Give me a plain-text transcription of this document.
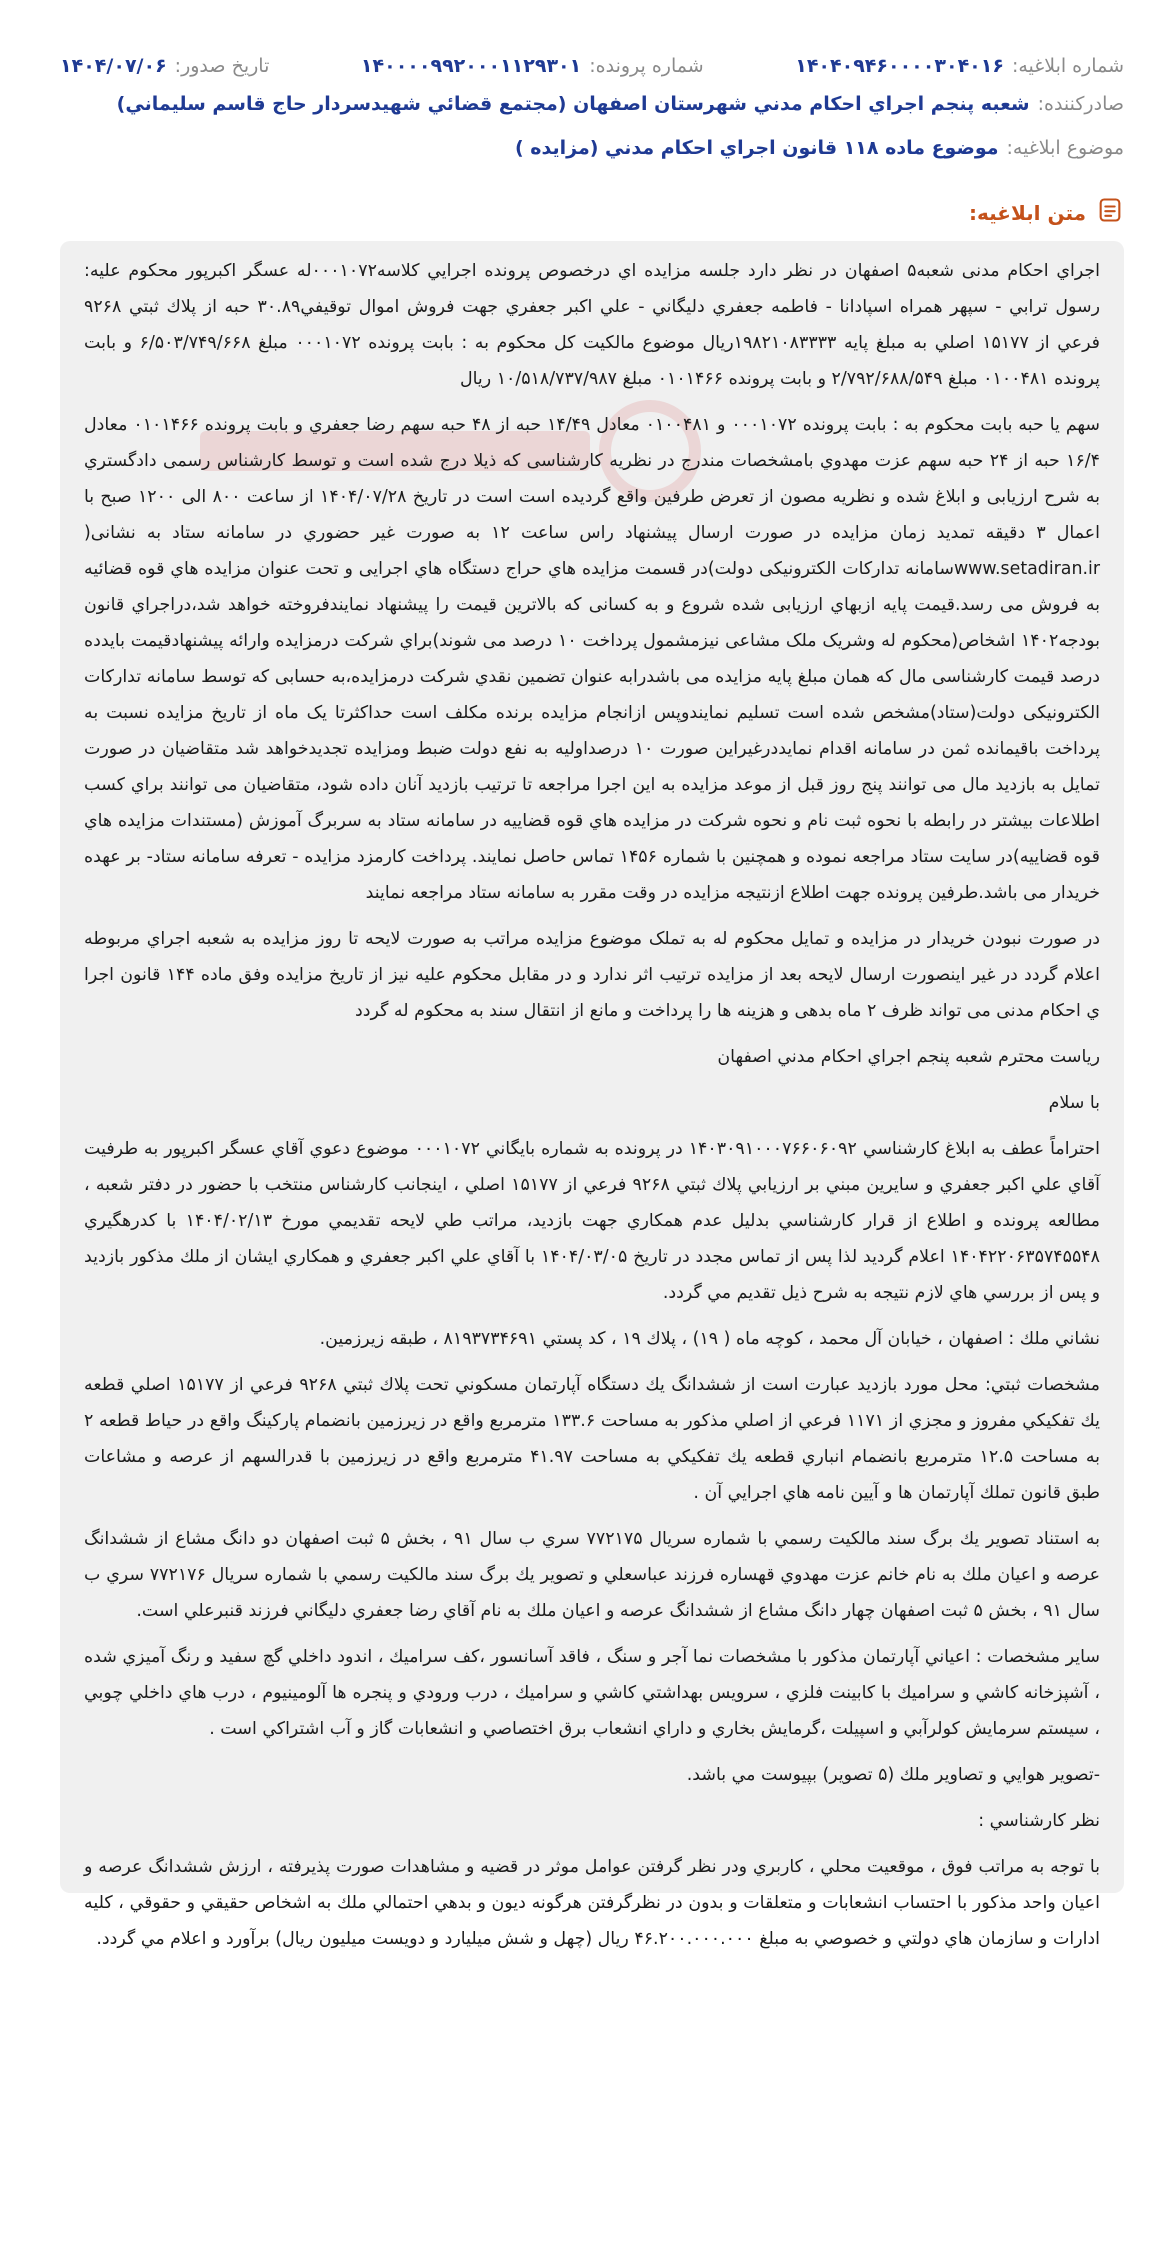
شماره ابلاغیه:
۱۴۰۴۰۹۴۶۰۰۰۰۳۰۴۰۱۶
شماره پرونده:
۱۴۰۰۰۰۹۹۲۰۰۰۱۱۲۹۳۰۱
تاریخ صدور:
۱۴۰۴/۰۷/۰۶
صادرکننده:
شعبه پنجم اجراي احكام مدني شهرستان اصفهان (مجتمع قضائي شهيدسردار حاج قاسم سليماني)
موضوع ابلاغیه:
موضوع ماده ۱۱۸ قانون اجراي احكام مدني (مزايده )
متن ابلاغیه:

اجراي احکام مدنی شعبه۵ اصفهان در نظر دارد جلسه مزایده اي درخصوص پرونده اجرایي کلاسه۰۰۰۱۰۷۲له عسگر اکبرپور محکوم علیه: رسول ترابي - سپهر همراه اسپادانا - فاطمه جعفري دليگاني - علي اكبر جعفري جهت فروش اموال توقيفي۳۰.۸۹ حبه از پلاك ثبتي ۹۲۶۸ فرعي از ۱۵۱۷۷ اصلي به مبلغ پایه ۱۹۸۲۱۰۸۳۳۳۳ريال موضوع مالکیت کل محکوم به : بابت پرونده ۰۰۰۱۰۷۲ مبلغ ۶/۵۰۳/۷۴۹/۶۶۸ و بابت پرونده ۰۱۰۰۴۸۱ مبلغ ۲/۷۹۲/۶۸۸/۵۴۹ و بابت پرونده ۰۱۰۱۴۶۶ مبلغ ۱۰/۵۱۸/۷۳۷/۹۸۷ ريال

سهم یا حبه بابت محکوم به : بابت پرونده ۰۰۰۱۰۷۲ و ۰۱۰۰۴۸۱ معادل ۱۴/۴۹ حبه از ۴۸ حبه سهم رضا جعفري و بابت پرونده ۰۱۰۱۴۶۶ معادل ۱۶/۴ حبه از ۲۴ حبه سهم عزت مهدوي بامشخصات مندرج در نظریه کارشناسی که ذیلا درج شده است و توسط کارشناس رسمی دادگستري به شرح ارزیابی و ابلاغ شده و نظریه مصون از تعرض طرفین واقع گردیده است است در تاریخ ۱۴۰۴/۰۷/۲۸ از ساعت ۸۰۰ الی ۱۲۰۰ صبح با اعمال ۳ دقیقه تمدید زمان مزایده در صورت ارسال پیشنهاد راس ساعت ۱۲ به صورت غیر حضوري در سامانه ستاد به نشانی( www.setadiran.irسامانه تدارکات الکترونیکی دولت)در قسمت مزایده هاي حراج دستگاه هاي اجرایی و تحت عنوان مزایده هاي قوه قضائیه به فروش می رسد.قیمت پایه ازبهاي ارزیابی شده شروع و به کسانی که بالاترین قیمت را پیشنهاد نمایندفروخته خواهد شد،دراجراي قانون بودجه۱۴۰۲ اشخاص(محکوم له وشریک ملک مشاعی نیزمشمول پرداخت ۱۰ درصد می شوند)براي شرکت درمزایده وارائه پیشنهادقیمت بایدده درصد قیمت کارشناسی مال که همان مبلغ پایه مزایده می باشدرابه عنوان تضمین نقدي شرکت درمزایده،به حسابی که توسط سامانه تدارکات الکترونیکی دولت(ستاد)مشخص شده است تسلیم نمایندوپس ازانجام مزایده برنده مکلف است حداکثرتا یک ماه از تاریخ مزایده نسبت به پرداخت باقیمانده ثمن در سامانه اقدام نمایددرغیراین صورت ۱۰ درصداولیه به نفع دولت ضبط ومزایده تجدیدخواهد شد متقاضیان در صورت تمایل به بازدید مال می توانند پنج روز قبل از موعد مزایده به این اجرا مراجعه تا ترتیب بازدید آنان داده شود، متقاضیان می توانند براي کسب اطلاعات بیشتر در رابطه با نحوه ثبت نام و نحوه شرکت در مزایده هاي قوه قضاییه در سامانه ستاد به سربرگ آموزش (مستندات مزایده هاي قوه قضاییه)در سایت ستاد مراجعه نموده و همچنین با شماره ۱۴۵۶ تماس حاصل نمایند. پرداخت کارمزد مزایده - تعرفه سامانه ستاد- بر عهده خریدار می باشد.طرفین پرونده جهت اطلاع ازنتیجه مزایده در وقت مقرر به سامانه ستاد مراجعه نمایند

در صورت نبودن خریدار در مزایده و تمایل محکوم له به تملک موضوع مزایده مراتب به صورت لایحه تا روز مزایده به شعبه اجراي مربوطه اعلام گردد در غیر اینصورت ارسال لایحه بعد از مزایده ترتیب اثر ندارد و در مقابل محکوم علیه نیز از تاریخ مزایده وفق ماده ۱۴۴ قانون اجرا ي احکام مدنی می تواند ظرف ۲ ماه بدهی و هزینه ها را پرداخت و مانع از انتقال سند به محکوم له گردد

رياست محترم شعبه پنجم اجراي احكام مدني اصفهان

با سلام

احتراماً عطف به ابلاغ كارشناسي ۱۴۰۳۰۹۱۰۰۰۷۶۶۰۶۰۹۲ در پرونده به شماره بايگاني ۰۰۰۱۰۷۲ موضوع دعوي آقاي عسگر اكبرپور به طرفيت آقاي علي اكبر جعفري و سايرين مبني بر ارزيابي پلاك ثبتي ۹۲۶۸ فرعي از ۱۵۱۷۷ اصلي ، اينجانب كارشناس منتخب با حضور در دفتر شعبه ، مطالعه پرونده و اطلاع از قرار كارشناسي بدليل عدم همكاري جهت بازديد، مراتب طي لايحه تقديمي مورخ ۱۴۰۴/۰۲/۱۳ با كدرهگيري ۱۴۰۴۲۲۰۶۳۵۷۴۵۵۴۸ اعلام گرديد لذا پس از تماس مجدد در تاريخ ۱۴۰۴/۰۳/۰۵ با آقاي علي اكبر جعفري و همكاري ايشان از ملك مذكور بازديد و پس از بررسي هاي لازم نتيجه به شرح ذيل تقديم مي گردد.

نشاني ملك : اصفهان ، خيابان آل محمد ، كوچه ماه ( ۱۹) ، پلاك ۱۹ ، كد پستي ۸۱۹۳۷۳۴۶۹۱ ، طبقه زيرزمين.

مشخصات ثبتي: محل مورد بازديد عبارت است از ششدانگ يك دستگاه آپارتمان مسكوني تحت پلاك ثبتي ۹۲۶۸ فرعي از ۱۵۱۷۷ اصلي قطعه يك تفكيكي مفروز و مجزي از ۱۱۷۱ فرعي از اصلي مذكور به مساحت ۱۳۳.۶ مترمربع واقع در زيرزمين بانضمام پاركينگ واقع در حياط قطعه ۲ به مساحت ۱۲.۵ مترمربع بانضمام انباري قطعه يك تفكيكي به مساحت ۴۱.۹۷ مترمربع واقع در زيرزمين با قدرالسهم از عرصه و مشاعات طبق قانون تملك آپارتمان ها و آيين نامه هاي اجرايي آن .

به استناد تصوير يك برگ سند مالكيت رسمي با شماره سريال ۷۷۲۱۷۵ سري ب سال ۹۱ ، بخش ۵ ثبت اصفهان دو دانگ مشاع از ششدانگ عرصه و اعيان ملك به نام خانم عزت مهدوي قهساره فرزند عباسعلي و تصوير يك برگ سند مالكيت رسمي با شماره سريال ۷۷۲۱۷۶ سري ب سال ۹۱ ، بخش ۵ ثبت اصفهان چهار دانگ مشاع از ششدانگ عرصه و اعيان ملك به نام آقاي رضا جعفري دليگاني فرزند قنبرعلي است.

ساير مشخصات : اعياني آپارتمان مذكور با مشخصات نما آجر و سنگ ، فاقد آسانسور ،كف سراميك ، اندود داخلي گچ سفيد و رنگ آميزي شده ، آشپزخانه كاشي و سراميك با كابينت فلزي ، سرويس بهداشتي كاشي و سراميك ، درب ورودي و پنجره ها آلومينيوم ، درب هاي داخلي چوبي ، سيستم سرمايش كولرآبي و اسپيلت ،گرمايش بخاري و داراي انشعاب برق اختصاصي و انشعابات گاز و آب اشتراكي است .

-تصوير هوايي و تصاوير ملك (۵ تصوير) بپيوست مي باشد.

نظر كارشناسي :

با توجه به مراتب فوق ، موقعيت محلي ، كاربري ودر نظر گرفتن عوامل موثر در قضيه و مشاهدات صورت پذيرفته ، ارزش ششدانگ عرصه و اعيان واحد مذكور با احتساب انشعابات و متعلقات و بدون در نظرگرفتن هرگونه ديون و بدهي احتمالي ملك به اشخاص حقيقي و حقوقي ، كليه ادارات و سازمان هاي دولتي و خصوصي به مبلغ ۴۶.۲۰۰.۰۰۰.۰۰۰ ريال (چهل و شش ميليارد و دويست ميليون ريال) برآورد و اعلام مي گردد.
